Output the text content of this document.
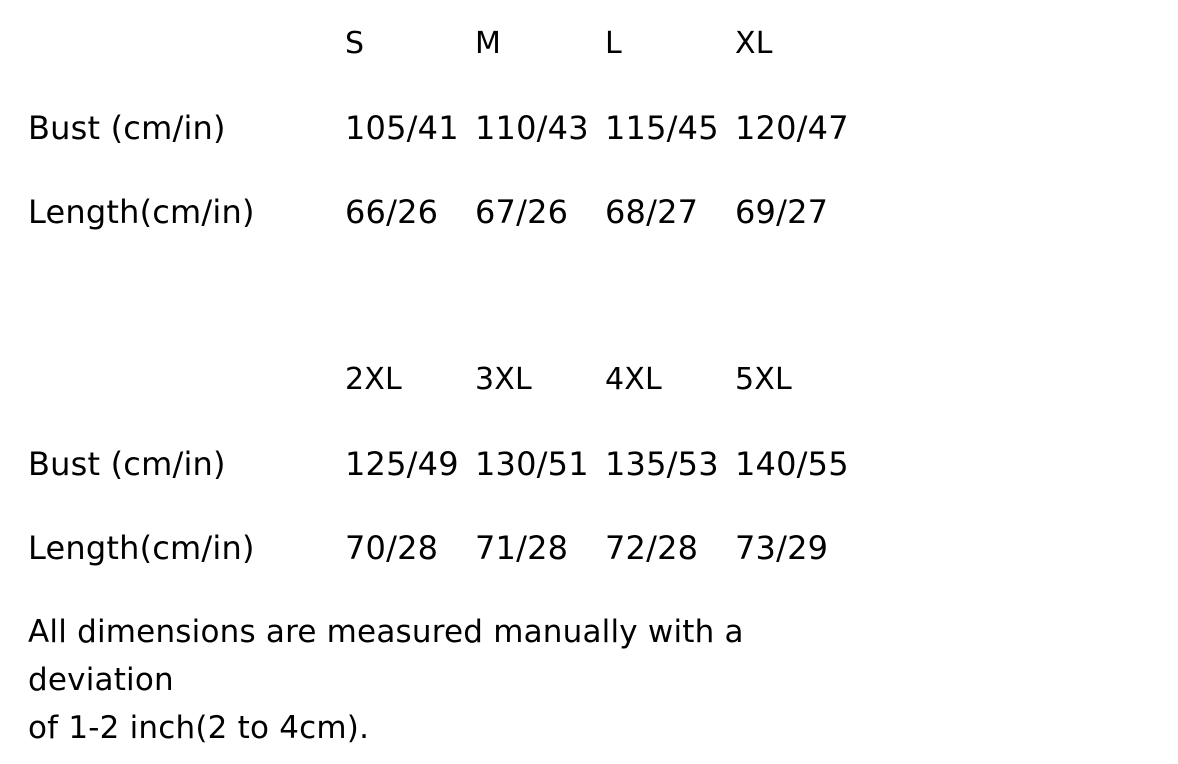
	S	M	L	XL
Bust (cm/in)	105/41	110/43	115/45	120/47
Length(cm/in)	66/26	67/26	68/27	69/27
	2XL	3XL	4XL	5XL
Bust (cm/in)	125/49	130/51	135/53	140/55
Length(cm/in)	70/28	71/28	72/28	73/29
All dimensions are measured manually with a deviation
of 1-2 inch(2 to 4cm).
